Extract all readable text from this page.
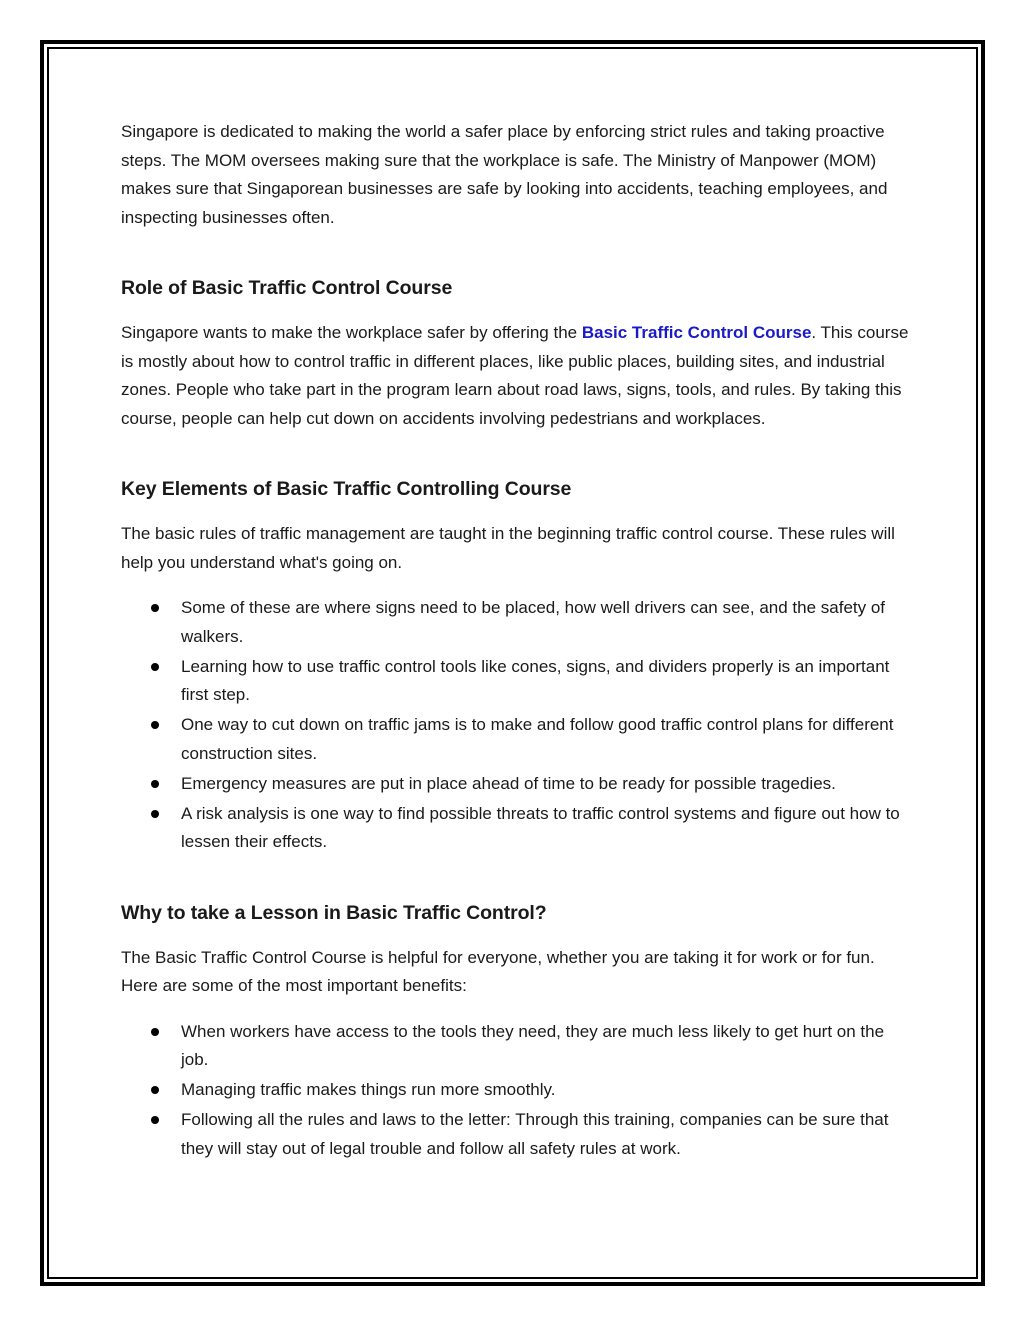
Singapore is dedicated to making the world a safer place by enforcing strict rules and taking proactive steps. The MOM oversees making sure that the workplace is safe. The Ministry of Manpower (MOM) makes sure that Singaporean businesses are safe by looking into accidents, teaching employees, and inspecting businesses often.

Role of Basic Traffic Control Course

Singapore wants to make the workplace safer by offering the Basic Traffic Control Course. This course is mostly about how to control traffic in different places, like public places, building sites, and industrial zones. People who take part in the program learn about road laws, signs, tools, and rules. By taking this course, people can help cut down on accidents involving pedestrians and workplaces.

Key Elements of Basic Traffic Controlling Course

The basic rules of traffic management are taught in the beginning traffic control course. These rules will help you understand what's going on.

Some of these are where signs need to be placed, how well drivers can see, and the safety of walkers.
Learning how to use traffic control tools like cones, signs, and dividers properly is an important first step.
One way to cut down on traffic jams is to make and follow good traffic control plans for different construction sites.
Emergency measures are put in place ahead of time to be ready for possible tragedies.
A risk analysis is one way to find possible threats to traffic control systems and figure out how to lessen their effects.
Why to take a Lesson in Basic Traffic Control?

The Basic Traffic Control Course is helpful for everyone, whether you are taking it for work or for fun. Here are some of the most important benefits:

When workers have access to the tools they need, they are much less likely to get hurt on the job.
Managing traffic makes things run more smoothly.
Following all the rules and laws to the letter: Through this training, companies can be sure that they will stay out of legal trouble and follow all safety rules at work.
